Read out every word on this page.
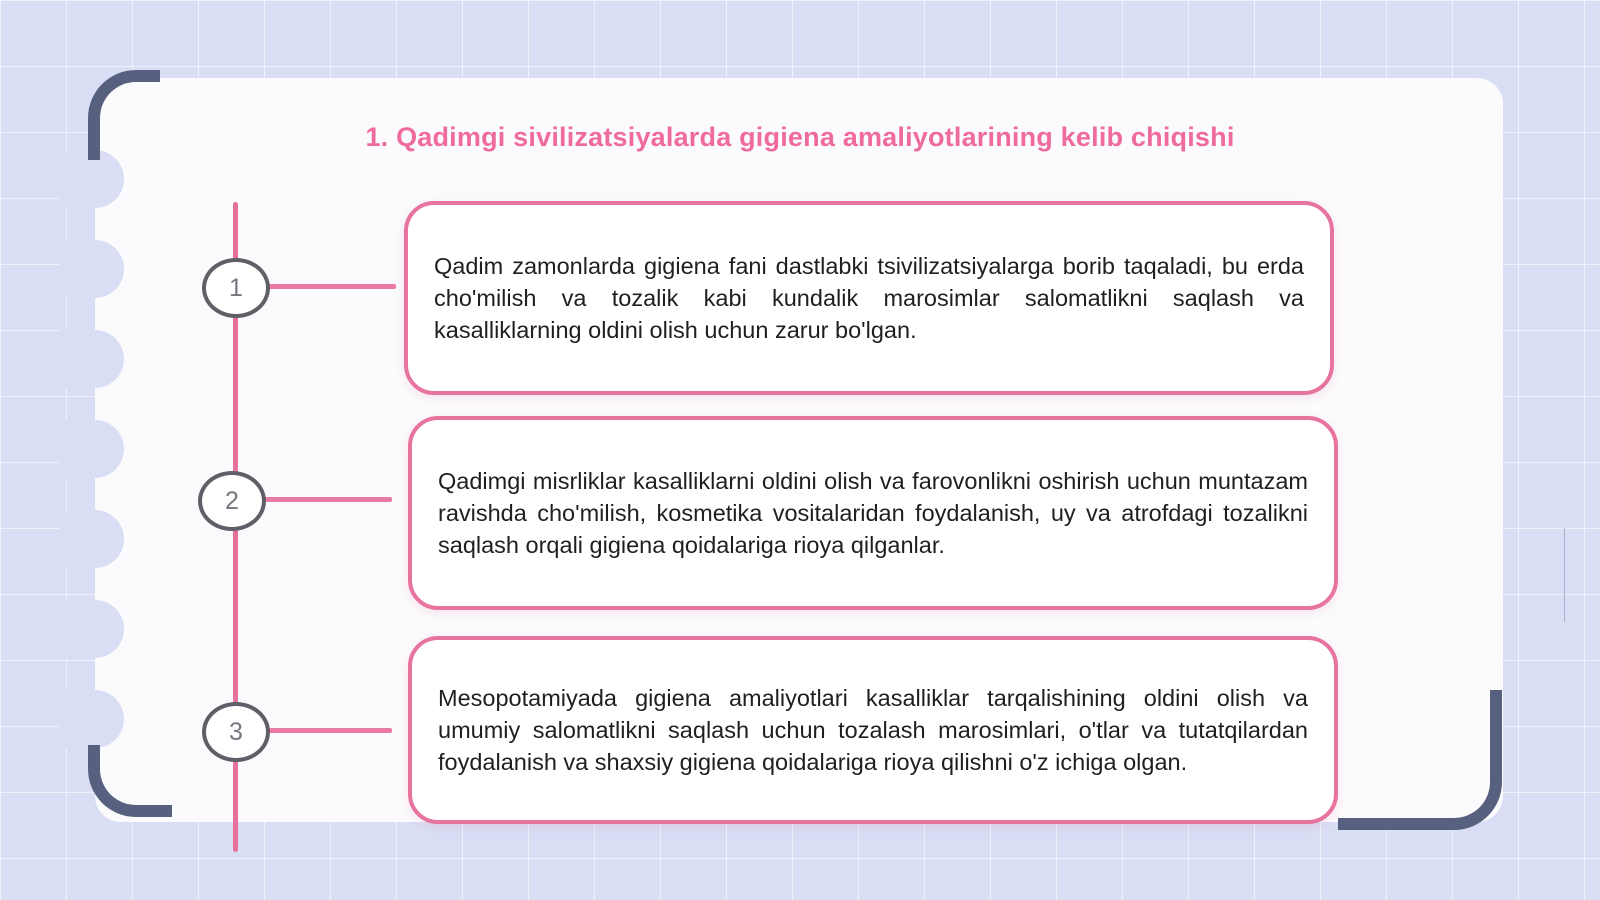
1. Qadimgi sivilizatsiyalarda gigiena amaliyotlarining kelib chiqishi
1
2
3

Qadim zamonlarda gigiena fani dastlabki tsivilizatsiyalarga borib taqaladi, bu erda cho'milish va tozalik kabi kundalik marosimlar salomatlikni saqlash va kasalliklarning oldini olish uchun zarur bo'lgan.

Qadimgi misrliklar kasalliklarni oldini olish va farovonlikni oshirish uchun muntazam ravishda cho'milish, kosmetika vositalaridan foydalanish, uy va atrofdagi tozalikni saqlash orqali gigiena qoidalariga rioya qilganlar.

Mesopotamiyada gigiena amaliyotlari kasalliklar tarqalishining oldini olish va umumiy salomatlikni saqlash uchun tozalash marosimlari, o'tlar va tutatqilardan foydalanish va shaxsiy gigiena qoidalariga rioya qilishni o'z ichiga olgan.
